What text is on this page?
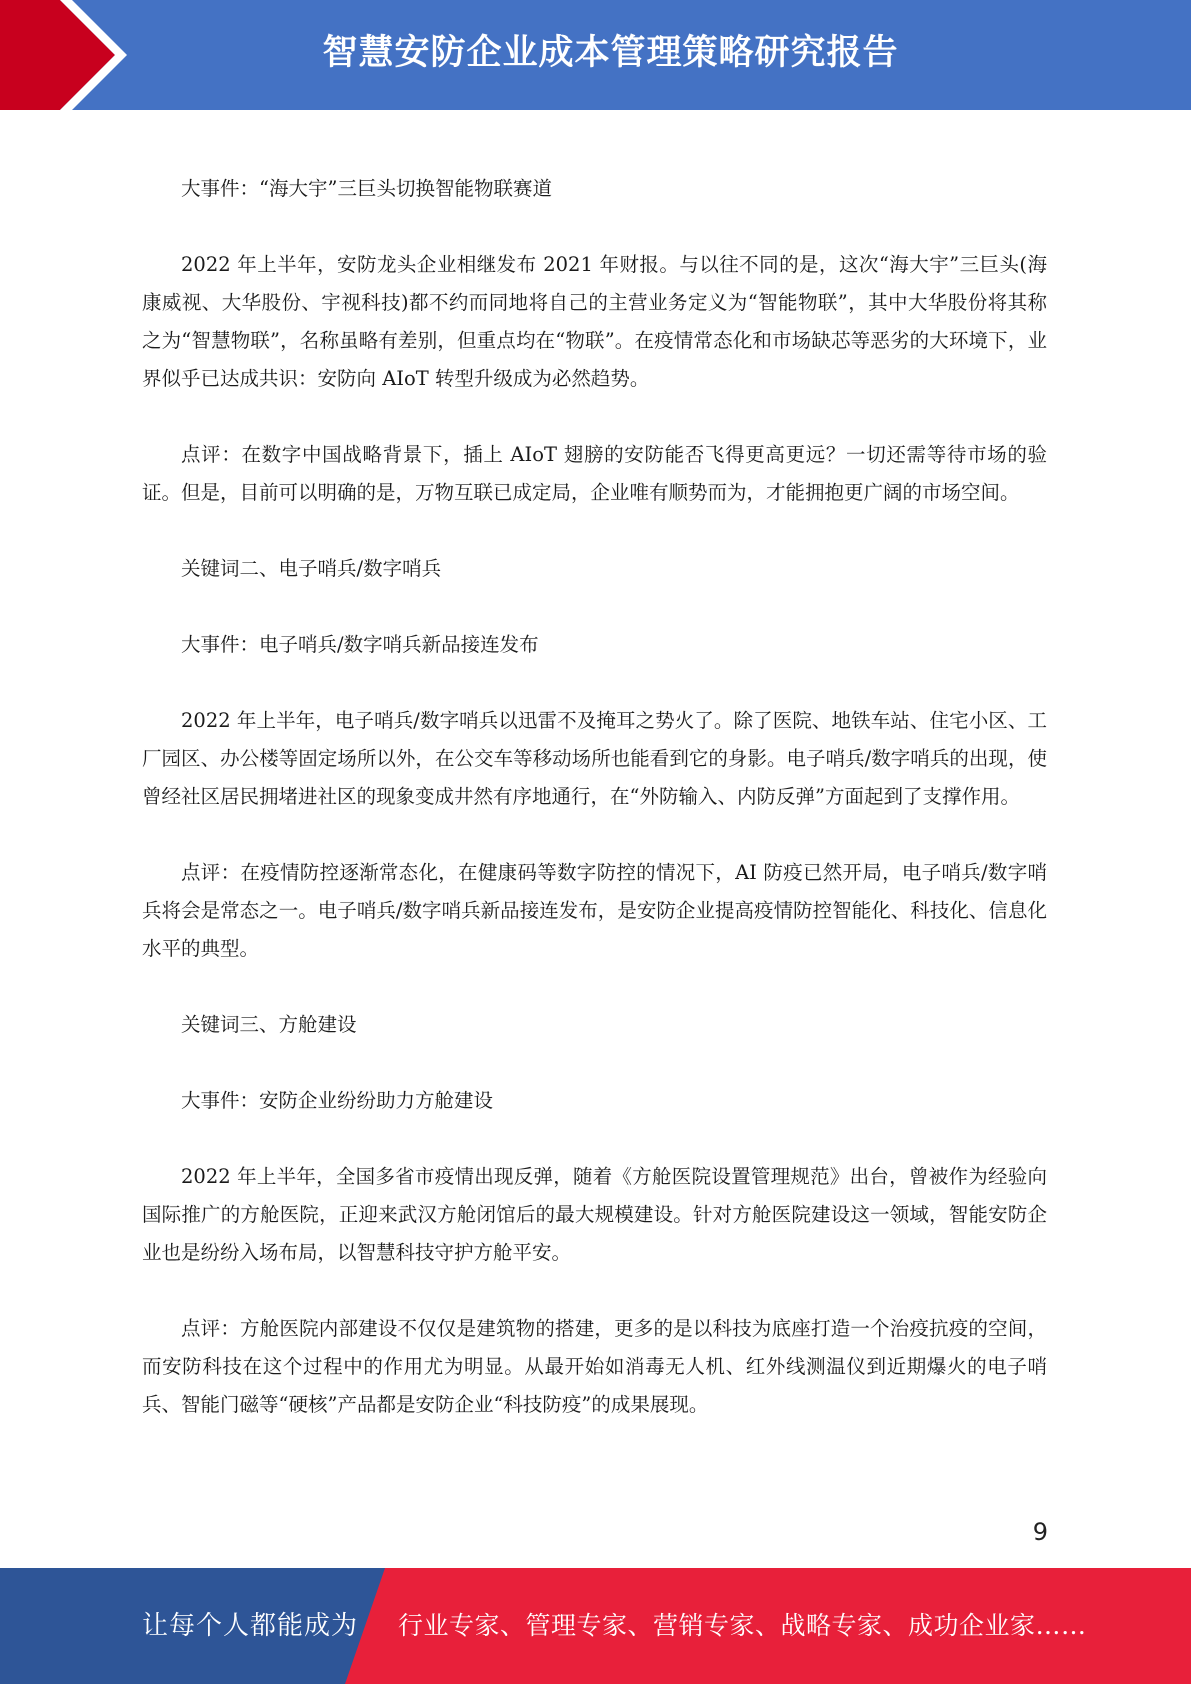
智慧安防企业成本管理策略研究报告

大事件：“海大宇”三巨头切换智能物联赛道

2022 年上半年，安防龙头企业相继发布 2021 年财报。与以往不同的是，这次“海大宇”三巨头(海康威视、大华股份、宇视科技)都不约而同地将自己的主营业务定义为“智能物联”，其中大华股份将其称之为“智慧物联”，名称虽略有差别，但重点均在“物联”。在疫情常态化和市场缺芯等恶劣的大环境下，业界似乎已达成共识：安防向 AIoT 转型升级成为必然趋势。

点评：在数字中国战略背景下，插上 AIoT 翅膀的安防能否飞得更高更远？一切还需等待市场的验证。但是，目前可以明确的是，万物互联已成定局，企业唯有顺势而为，才能拥抱更广阔的市场空间。

关键词二、电子哨兵/数字哨兵

大事件：电子哨兵/数字哨兵新品接连发布

2022 年上半年，电子哨兵/数字哨兵以迅雷不及掩耳之势火了。除了医院、地铁车站、住宅小区、工厂园区、办公楼等固定场所以外，在公交车等移动场所也能看到它的身影。电子哨兵/数字哨兵的出现，使曾经社区居民拥堵进社区的现象变成井然有序地通行，在“外防输入、内防反弹”方面起到了支撑作用。

点评：在疫情防控逐渐常态化，在健康码等数字防控的情况下，AI 防疫已然开局，电子哨兵/数字哨兵将会是常态之一。电子哨兵/数字哨兵新品接连发布，是安防企业提高疫情防控智能化、科技化、信息化水平的典型。

关键词三、方舱建设

大事件：安防企业纷纷助力方舱建设

2022 年上半年，全国多省市疫情出现反弹，随着《方舱医院设置管理规范》出台，曾被作为经验向国际推广的方舱医院，正迎来武汉方舱闭馆后的最大规模建设。针对方舱医院建设这一领域，智能安防企业也是纷纷入场布局，以智慧科技守护方舱平安。

点评：方舱医院内部建设不仅仅是建筑物的搭建，更多的是以科技为底座打造一个治疫抗疫的空间，而安防科技在这个过程中的作用尤为明显。从最开始如消毒无人机、红外线测温仪到近期爆火的电子哨兵、智能门磁等“硬核”产品都是安防企业“科技防疫”的成果展现。

9
让每个人都能成为 行业专家、管理专家、营销专家、战略专家、成功企业家……
